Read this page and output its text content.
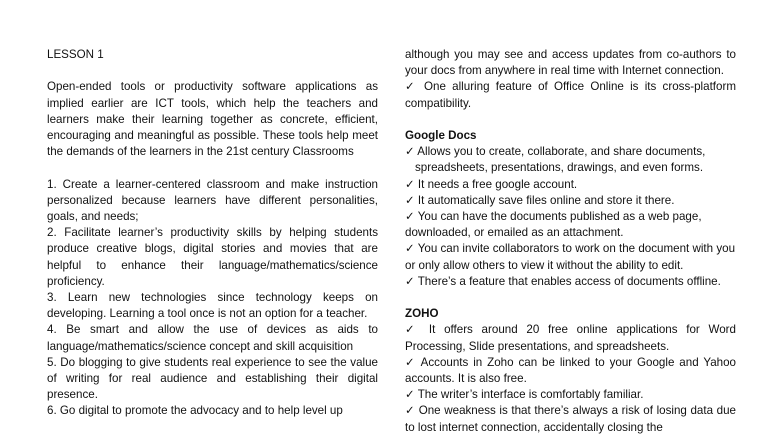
LESSON 1

Open-ended tools or productivity software applications as implied earlier are ICT tools, which help the teachers and learners make their learning together as concrete, efficient, encouraging and meaningful as possible. These tools help meet the demands of the learners in the 21st century Classrooms

1. Create a learner-centered classroom and make instruction personalized because learners have different personalities, goals, and needs;

2. Facilitate learner’s productivity skills by helping students produce creative blogs, digital stories and movies that are helpful to enhance their language/mathematics/science proficiency.

3. Learn new technologies since technology keeps on developing. Learning a tool once is not an option for a teacher.

4. Be smart and allow the use of devices as aids to language/mathematics/science concept and skill acquisition

5. Do blogging to give students real experience to see the value of writing for real audience and establishing their digital presence.

6. Go digital to promote the advocacy and to help level up

although you may see and access updates from co-authors to your docs from anywhere in real time with Internet connection.

✓ One alluring feature of Office Online is its cross-platform compatibility.

Google Docs

✓ Allows you to create, collaborate, and share documents,

spreadsheets, presentations, drawings, and even forms.

✓ It needs a free google account.

✓ It automatically save files online and store it there.

✓ You can have the documents published as a web page, downloaded, or emailed as an attachment.

✓ You can invite collaborators to work on the document with you or only allow others to view it without the ability to edit.

✓ There’s a feature that enables access of documents offline.

ZOHO

✓ It offers around 20 free online applications for Word Processing, Slide presentations, and spreadsheets.

✓ Accounts in Zoho can be linked to your Google and Yahoo accounts. It is also free.

✓ The writer’s interface is comfortably familiar.

✓ One weakness is that there’s always a risk of losing data due to lost internet connection, accidentally closing the
